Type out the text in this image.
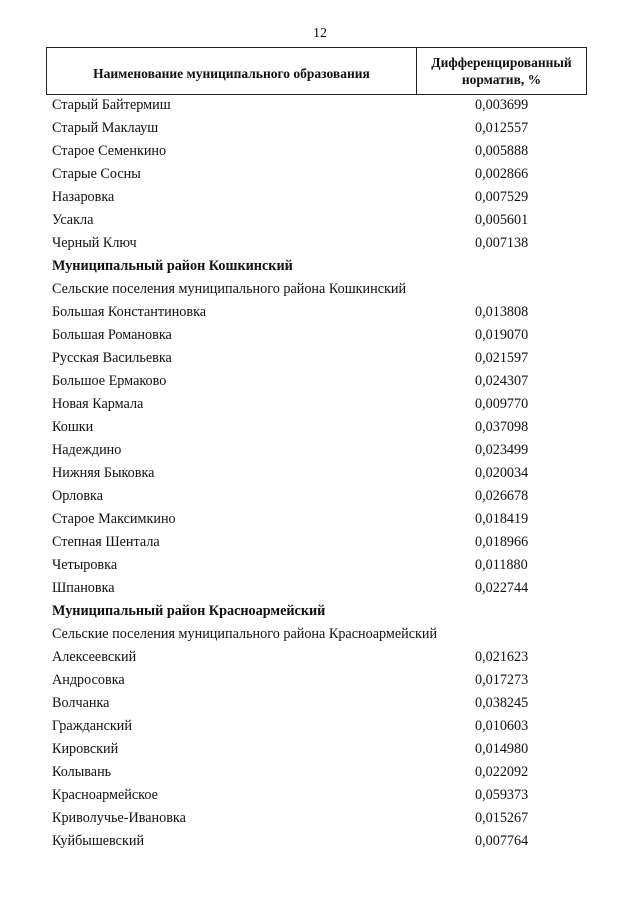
12
Наименование муниципального образования
Дифференцированный
норматив, %
Старый Байтермиш	0,003699
Старый Маклауш	0,012557
Старое Семенкино	0,005888
Старые Сосны	0,002866
Назаровка	0,007529
Усакла	0,005601
Черный Ключ	0,007138
Муниципальный район Кошкинский
Сельские поселения муниципального района Кошкинский
Большая Константиновка	0,013808
Большая Романовка	0,019070
Русская Васильевка	0,021597
Большое Ермаково	0,024307
Новая Кармала	0,009770
Кошки	0,037098
Надеждино	0,023499
Нижняя Быковка	0,020034
Орловка	0,026678
Старое Максимкино	0,018419
Степная Шентала	0,018966
Четыровка	0,011880
Шпановка	0,022744
Муниципальный район Красноармейский
Сельские поселения муниципального района Красноармейский
Алексеевский	0,021623
Андросовка	0,017273
Волчанка	0,038245
Гражданский	0,010603
Кировский	0,014980
Колывань	0,022092
Красноармейское	0,059373
Криволучье-Ивановка	0,015267
Куйбышевский	0,007764
